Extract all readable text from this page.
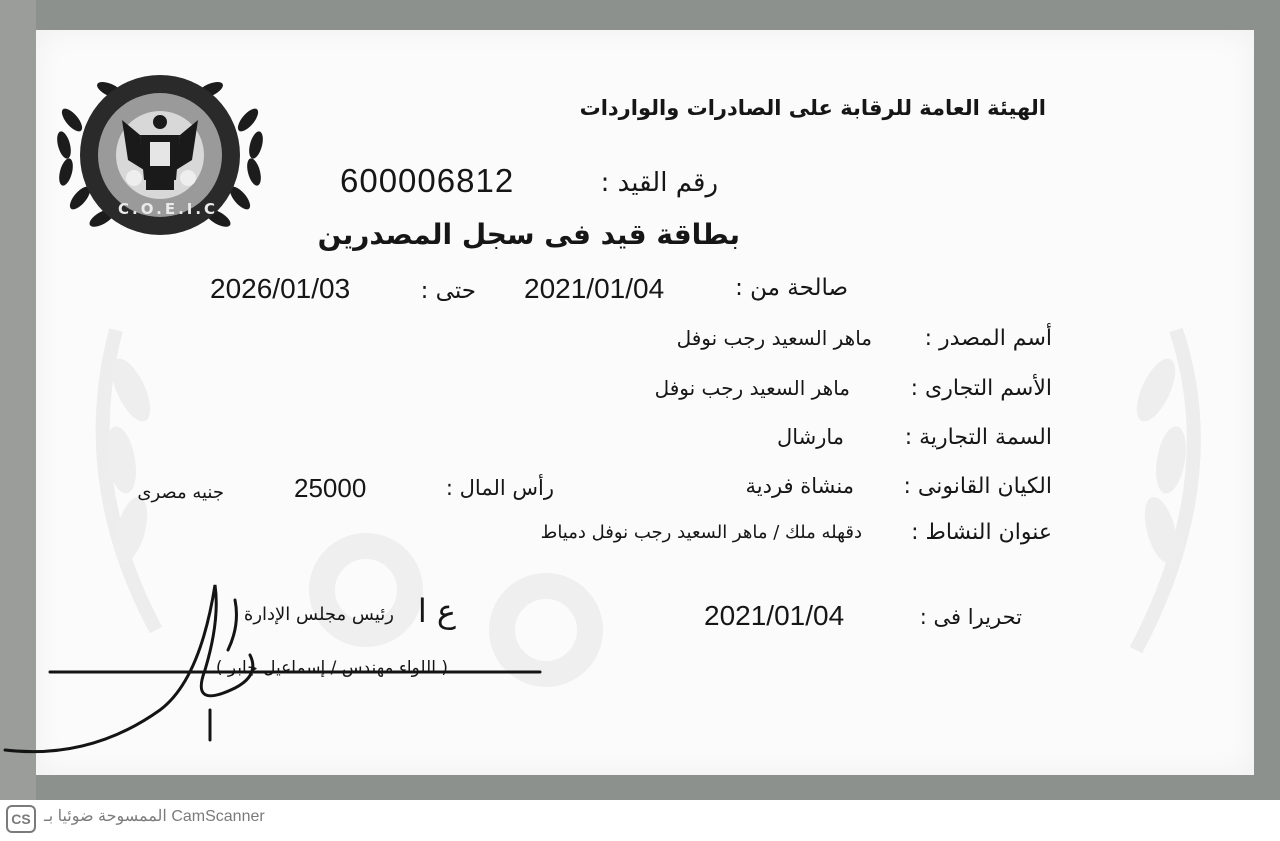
C.O.E.I.C
الهيئة العامة للرقابة على الصادرات والواردات
رقم القيد :
600006812
بطاقة قيد فى سجل المصدرين
صالحة من :
2021/01/04
حتى :
2026/01/03
أسم المصدر :
ماهر السعيد رجب نوفل
الأسم التجارى :
ماهر السعيد رجب نوفل
السمة التجارية :
مارشال
الكيان القانونى :
منشاة فردية
رأس المال :
25000
جنيه مصرى
عنوان النشاط :
دقهله ملك / ماهر السعيد رجب نوفل دمياط
تحريرا فى :
2021/01/04
ع ا
رئيس مجلس الإدارة
( اللواء مهندس / إسماعيل جابر )
CS الممسوحة ضوئيا بـ CamScanner
